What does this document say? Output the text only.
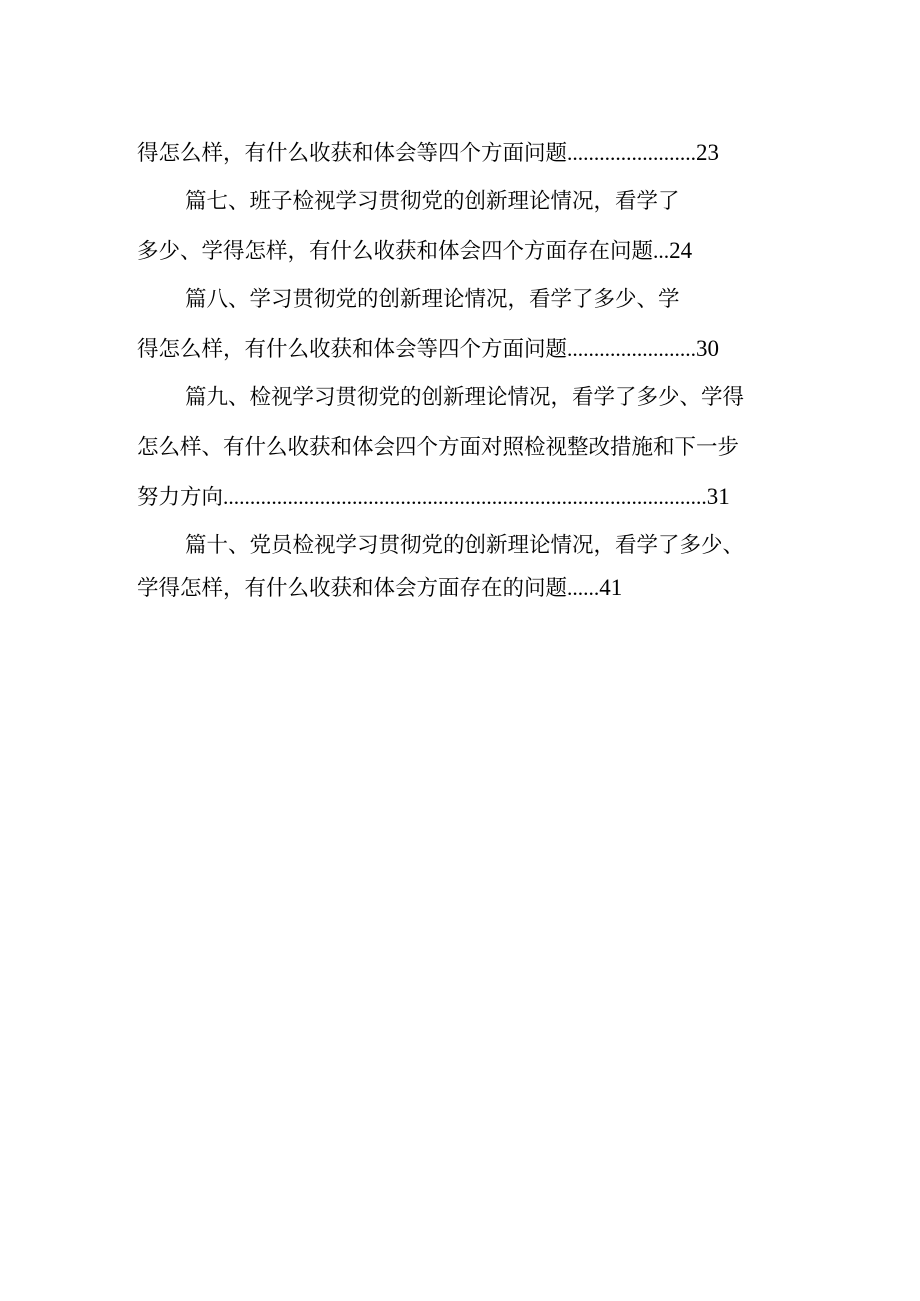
得怎么样，有什么收获和体会等四个方面问题........................23
篇七、班子检视学习贯彻党的创新理论情况，看学了
多少、学得怎样，有什么收获和体会四个方面存在问题...24
篇八、学习贯彻党的创新理论情况，看学了多少、学
得怎么样，有什么收获和体会等四个方面问题........................30
篇九、检视学习贯彻党的创新理论情况，看学了多少、学得
怎么样、有什么收获和体会四个方面对照检视整改措施和下一步
努力方向..........................................................................................31
篇十、党员检视学习贯彻党的创新理论情况，看学了多少、
学得怎样，有什么收获和体会方面存在的问题......41
